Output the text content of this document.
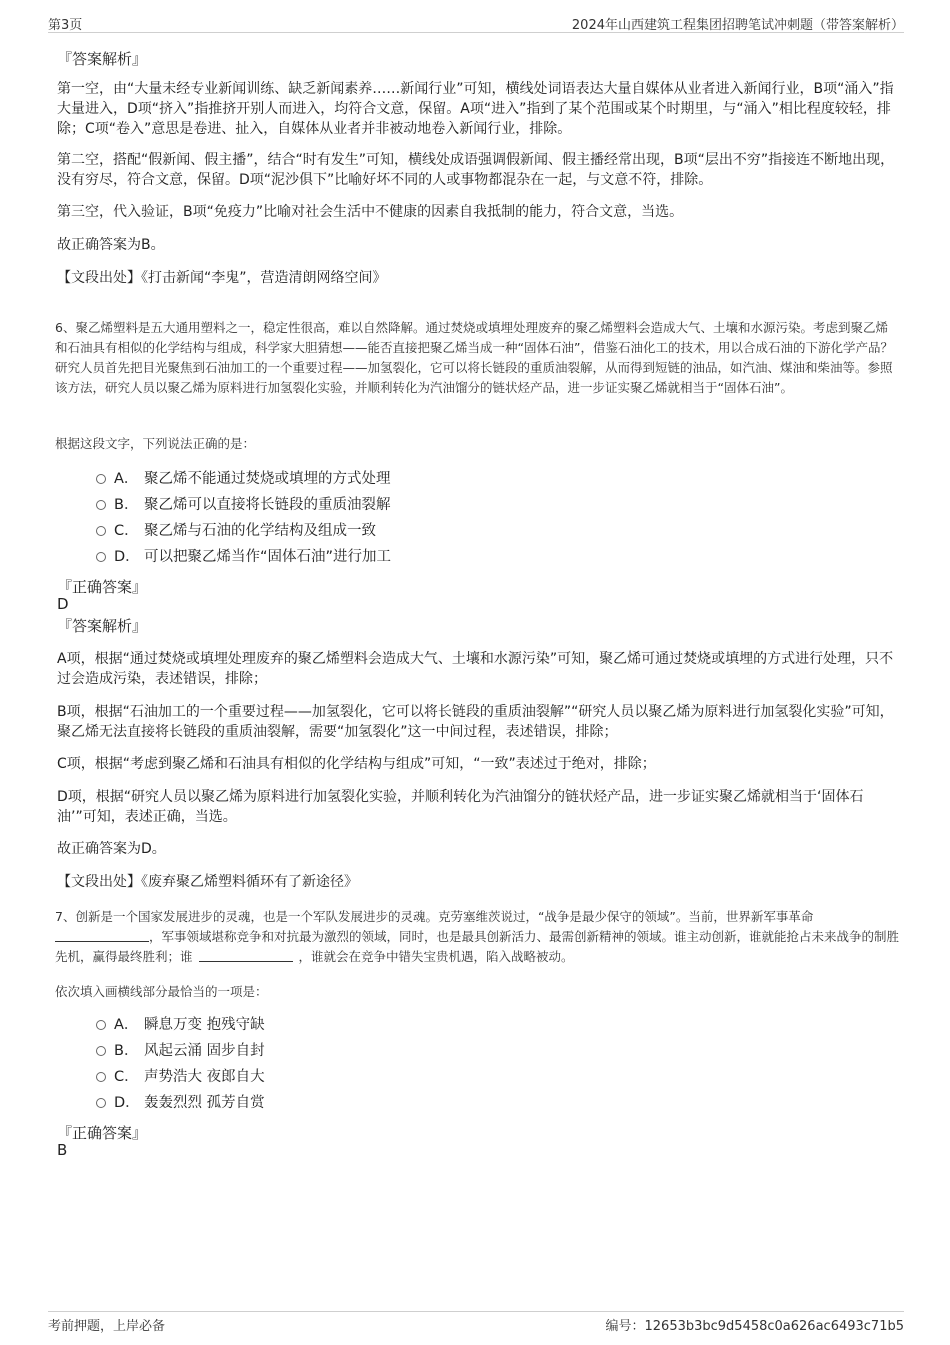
第3页	2024年山西建筑工程集团招聘笔试冲刺题（带答案解析）
『答案解析』
第一空，由“大量未经专业新闻训练、缺乏新闻素养……新闻行业”可知，横线处词语表达大量自媒体从业者进入新闻行业，B项“涌入”指大量进入，D项“挤入”指推挤开别人而进入，均符合文意，保留。A项“进入”指到了某个范围或某个时期里，与“涌入”相比程度较轻，排除；C项“卷入”意思是卷进、扯入，自媒体从业者并非被动地卷入新闻行业，排除。
第二空，搭配“假新闻、假主播”，结合“时有发生”可知，横线处成语强调假新闻、假主播经常出现，B项“层出不穷”指接连不断地出现，没有穷尽，符合文意，保留。D项“泥沙俱下”比喻好坏不同的人或事物都混杂在一起，与文意不符，排除。
第三空，代入验证，B项“免疫力”比喻对社会生活中不健康的因素自我抵制的能力，符合文意，当选。
故正确答案为B。
【文段出处】《打击新闻“李鬼”，营造清朗网络空间》
6、聚乙烯塑料是五大通用塑料之一，稳定性很高，难以自然降解。通过焚烧或填埋处理废弃的聚乙烯塑料会造成大气、土壤和水源污染。考虑到聚乙烯和石油具有相似的化学结构与组成，科学家大胆猜想——能否直接把聚乙烯当成一种“固体石油”，借鉴石油化工的技术，用以合成石油的下游化学产品？研究人员首先把目光聚焦到石油加工的一个重要过程——加氢裂化，它可以将长链段的重质油裂解，从而得到短链的油品，如汽油、煤油和柴油等。参照该方法，研究人员以聚乙烯为原料进行加氢裂化实验，并顺利转化为汽油馏分的链状烃产品，进一步证实聚乙烯就相当于“固体石油”。
根据这段文字，下列说法正确的是：
A． 聚乙烯不能通过焚烧或填埋的方式处理
B． 聚乙烯可以直接将长链段的重质油裂解
C． 聚乙烯与石油的化学结构及组成一致
D． 可以把聚乙烯当作“固体石油”进行加工
『正确答案』
D
『答案解析』
A项，根据“通过焚烧或填埋处理废弃的聚乙烯塑料会造成大气、土壤和水源污染”可知，聚乙烯可通过焚烧或填埋的方式进行处理，只不过会造成污染，表述错误，排除；
B项，根据“石油加工的一个重要过程——加氢裂化，它可以将长链段的重质油裂解”“研究人员以聚乙烯为原料进行加氢裂化实验”可知，聚乙烯无法直接将长链段的重质油裂解，需要“加氢裂化”这一中间过程，表述错误，排除；
C项，根据“考虑到聚乙烯和石油具有相似的化学结构与组成”可知，“一致”表述过于绝对，排除；
D项，根据“研究人员以聚乙烯为原料进行加氢裂化实验，并顺利转化为汽油馏分的链状烃产品，进一步证实聚乙烯就相当于‘固体石油’”可知，表述正确，当选。
故正确答案为D。
【文段出处】《废弃聚乙烯塑料循环有了新途径》
7、创新是一个国家发展进步的灵魂，也是一个军队发展进步的灵魂。克劳塞维茨说过，“战争是最少保守的领域”。当前，世界新军事革命，军事领域堪称竞争和对抗最为激烈的领域，同时，也是最具创新活力、最需创新精神的领域。谁主动创新，谁就能抢占未来战争的制胜先机，赢得最终胜利；谁	，谁就会在竞争中错失宝贵机遇，陷入战略被动。
依次填入画横线部分最恰当的一项是：
A． 瞬息万变 抱残守缺
B． 风起云涌 固步自封
C． 声势浩大 夜郎自大
D． 轰轰烈烈 孤芳自赏
『正确答案』
B
考前押题，上岸必备	编号：12653b3bc9d5458c0a626ac6493c71b5
